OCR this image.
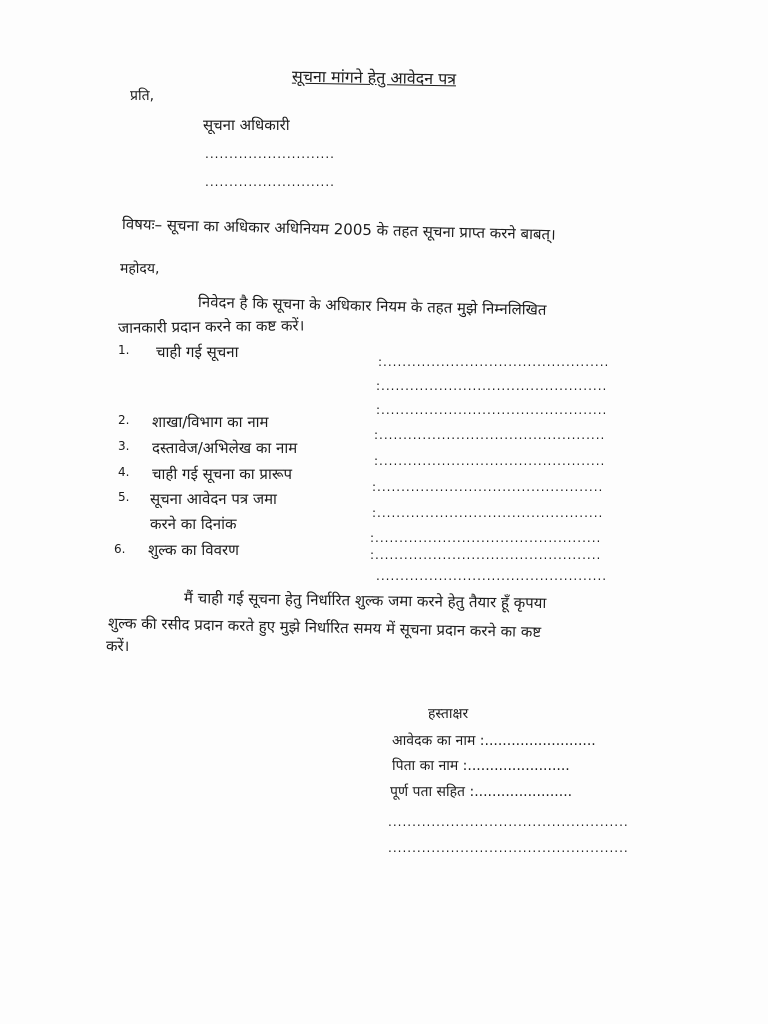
सूचना मांगने हेतु आवेदन पत्र
प्रति,
सूचना अधिकारी
...........................
...........................
विषयः– सूचना का अधिकार अधिनियम 2005 के तहत सूचना प्राप्त करने बाबत्।
महोदय,
निवेदन है कि सूचना के अधिकार नियम के तहत मुझे निम्नलिखित
जानकारी प्रदान करने का कष्ट करें।
1. चाही गई सूचना
:...............................................
:...............................................
:...............................................
2. शाखा/विभाग का नाम
:...............................................
3. दस्तावेज/अभिलेख का नाम
:...............................................
4. चाही गई सूचना का प्रारूप
:...............................................
5. सूचना आवेदन पत्र जमा
:...............................................
करने का दिनांक
:...............................................
6. शुल्क का विवरण	:...............................................
................................................
मैं चाही गई सूचना हेतु निर्धारित शुल्क जमा करने हेतु तैयार हूँ कृपया
शुल्क की रसीद प्रदान करते हुए मुझे निर्धारित समय में सूचना प्रदान करने का कष्ट
करें।
हस्ताक्षर
आवेदक का नाम :.........................
पिता का नाम :.......................
पूर्ण पता सहित :......................
..................................................
..................................................
